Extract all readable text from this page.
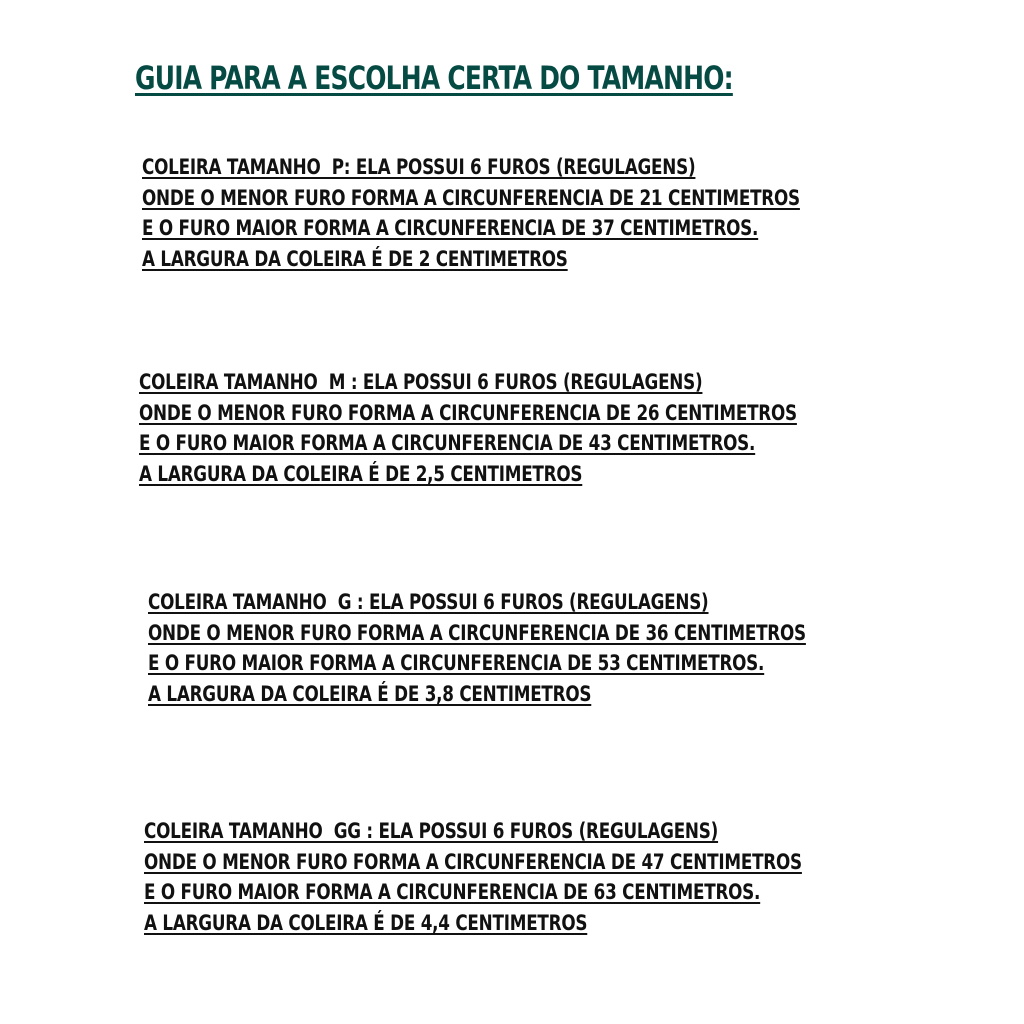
GUIA PARA A ESCOLHA CERTA DO TAMANHO:
COLEIRA TAMANHO  P: ELA POSSUI 6 FUROS (REGULAGENS)
ONDE O MENOR FURO FORMA A CIRCUNFERENCIA DE 21 CENTIMETROS
E O FURO MAIOR FORMA A CIRCUNFERENCIA DE 37 CENTIMETROS.
A LARGURA DA COLEIRA É DE 2 CENTIMETROS
COLEIRA TAMANHO  M : ELA POSSUI 6 FUROS (REGULAGENS)
ONDE O MENOR FURO FORMA A CIRCUNFERENCIA DE 26 CENTIMETROS
E O FURO MAIOR FORMA A CIRCUNFERENCIA DE 43 CENTIMETROS.
A LARGURA DA COLEIRA É DE 2,5 CENTIMETROS
COLEIRA TAMANHO  G : ELA POSSUI 6 FUROS (REGULAGENS)
ONDE O MENOR FURO FORMA A CIRCUNFERENCIA DE 36 CENTIMETROS
E O FURO MAIOR FORMA A CIRCUNFERENCIA DE 53 CENTIMETROS.
A LARGURA DA COLEIRA É DE 3,8 CENTIMETROS
COLEIRA TAMANHO  GG : ELA POSSUI 6 FUROS (REGULAGENS)
ONDE O MENOR FURO FORMA A CIRCUNFERENCIA DE 47 CENTIMETROS
E O FURO MAIOR FORMA A CIRCUNFERENCIA DE 63 CENTIMETROS.
A LARGURA DA COLEIRA É DE 4,4 CENTIMETROS
